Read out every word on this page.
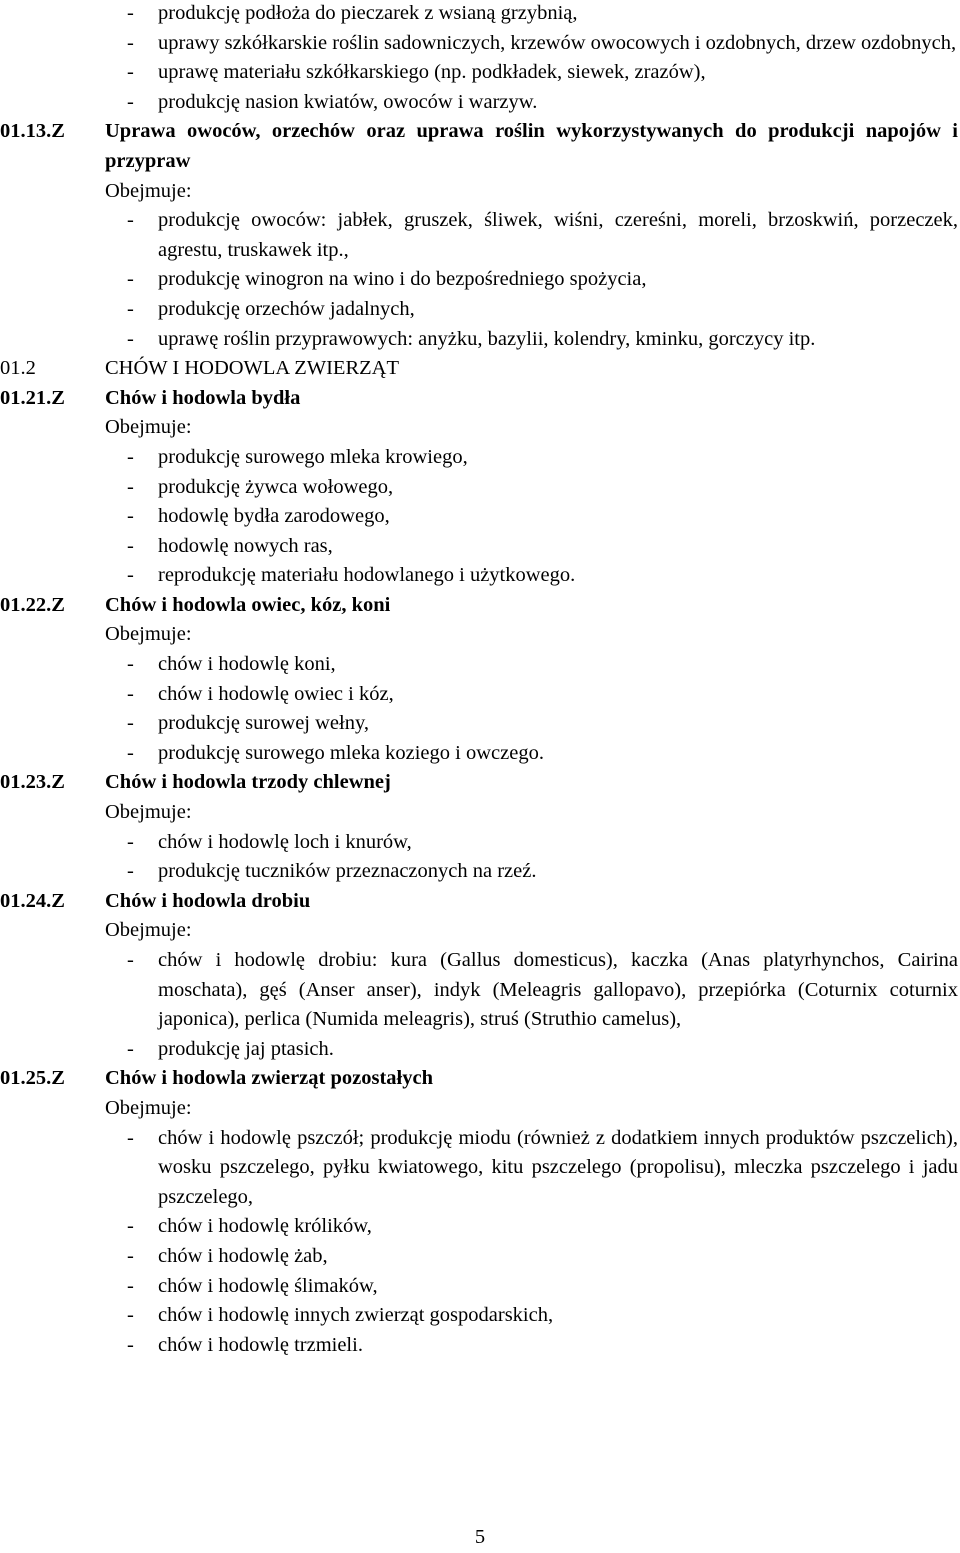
- produkcję podłoża do pieczarek z wsianą grzybnią,
- uprawy szkółkarskie roślin sadowniczych, krzewów owocowych i ozdobnych, drzew ozdobnych,
- uprawę materiału szkółkarskiego (np. podkładek, siewek, zrazów),
- produkcję nasion kwiatów, owoców i warzyw.
01.13.Z Uprawa owoców, orzechów oraz uprawa roślin wykorzystywanych do produkcji napojów i przypraw
Obejmuje:
- produkcję owoców: jabłek, gruszek, śliwek, wiśni, czereśni, moreli, brzoskwiń, porzeczek, agrestu, truskawek itp.,
- produkcję winogron na wino i do bezpośredniego spożycia,
- produkcję orzechów jadalnych,
- uprawę roślin przyprawowych: anyżku, bazylii, kolendry, kminku, gorczycy itp.
01.2	CHÓW I HODOWLA ZWIERZĄT
01.21.Z Chów i hodowla bydła
Obejmuje:
- produkcję surowego mleka krowiego,
- produkcję żywca wołowego,
- hodowlę bydła zarodowego,
- hodowlę nowych ras,
- reprodukcję materiału hodowlanego i użytkowego.
01.22.Z Chów i hodowla owiec, kóz, koni
Obejmuje:
- chów i hodowlę koni,
- chów i hodowlę owiec i kóz,
- produkcję surowej wełny,
- produkcję surowego mleka koziego i owczego.
01.23.Z Chów i hodowla trzody chlewnej
Obejmuje:
- chów i hodowlę loch i knurów,
- produkcję tuczników przeznaczonych na rzeź.
01.24.Z Chów i hodowla drobiu
Obejmuje:
- chów i hodowlę drobiu: kura (Gallus domesticus), kaczka (Anas platyrhynchos, Cairina moschata), gęś (Anser anser), indyk (Meleagris gallopavo), przepiórka (Coturnix coturnix japonica), perlica (Numida meleagris), struś (Struthio camelus),
- produkcję jaj ptasich.
01.25.Z Chów i hodowla zwierząt pozostałych
Obejmuje:
- chów i hodowlę pszczół; produkcję miodu (również z dodatkiem innych produktów pszczelich), wosku pszczelego, pyłku kwiatowego, kitu pszczelego (propolisu), mleczka pszczelego i jadu pszczelego,
- chów i hodowlę królików,
- chów i hodowlę żab,
- chów i hodowlę ślimaków,
- chów i hodowlę innych zwierząt gospodarskich,
- chów i hodowlę trzmieli.
5
